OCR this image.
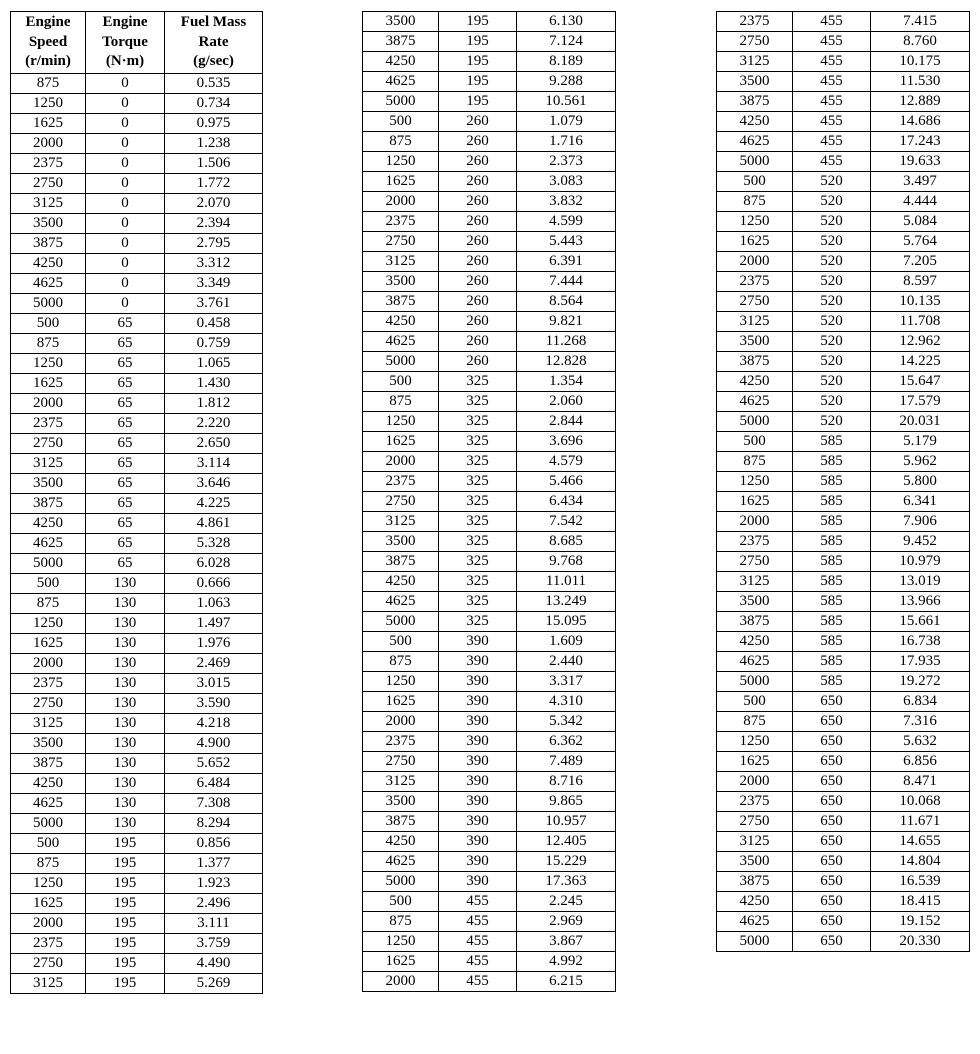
Engine
Speed
(r/min)	Engine
Torque
(N·m)	Fuel Mass
Rate
(g/sec)

875	0	0.535
1250	0	0.734
1625	0	0.975
2000	0	1.238
2375	0	1.506
2750	0	1.772
3125	0	2.070
3500	0	2.394
3875	0	2.795
4250	0	3.312
4625	0	3.349
5000	0	3.761
500	65	0.458
875	65	0.759
1250	65	1.065
1625	65	1.430
2000	65	1.812
2375	65	2.220
2750	65	2.650
3125	65	3.114
3500	65	3.646
3875	65	4.225
4250	65	4.861
4625	65	5.328
5000	65	6.028
500	130	0.666
875	130	1.063
1250	130	1.497
1625	130	1.976
2000	130	2.469
2375	130	3.015
2750	130	3.590
3125	130	4.218
3500	130	4.900
3875	130	5.652
4250	130	6.484
4625	130	7.308
5000	130	8.294
500	195	0.856
875	195	1.377
1250	195	1.923
1625	195	2.496
2000	195	3.111
2375	195	3.759
2750	195	4.490
3125	195	5.269
3500	195	6.130
3875	195	7.124
4250	195	8.189
4625	195	9.288
5000	195	10.561
500	260	1.079
875	260	1.716
1250	260	2.373
1625	260	3.083
2000	260	3.832
2375	260	4.599
2750	260	5.443
3125	260	6.391
3500	260	7.444
3875	260	8.564
4250	260	9.821
4625	260	11.268
5000	260	12.828
500	325	1.354
875	325	2.060
1250	325	2.844
1625	325	3.696
2000	325	4.579
2375	325	5.466
2750	325	6.434
3125	325	7.542
3500	325	8.685
3875	325	9.768
4250	325	11.011
4625	325	13.249
5000	325	15.095
500	390	1.609
875	390	2.440
1250	390	3.317
1625	390	4.310
2000	390	5.342
2375	390	6.362
2750	390	7.489
3125	390	8.716
3500	390	9.865
3875	390	10.957
4250	390	12.405
4625	390	15.229
5000	390	17.363
500	455	2.245
875	455	2.969
1250	455	3.867
1625	455	4.992
2000	455	6.215
2375	455	7.415
2750	455	8.760
3125	455	10.175
3500	455	11.530
3875	455	12.889
4250	455	14.686
4625	455	17.243
5000	455	19.633
500	520	3.497
875	520	4.444
1250	520	5.084
1625	520	5.764
2000	520	7.205
2375	520	8.597
2750	520	10.135
3125	520	11.708
3500	520	12.962
3875	520	14.225
4250	520	15.647
4625	520	17.579
5000	520	20.031
500	585	5.179
875	585	5.962
1250	585	5.800
1625	585	6.341
2000	585	7.906
2375	585	9.452
2750	585	10.979
3125	585	13.019
3500	585	13.966
3875	585	15.661
4250	585	16.738
4625	585	17.935
5000	585	19.272
500	650	6.834
875	650	7.316
1250	650	5.632
1625	650	6.856
2000	650	8.471
2375	650	10.068
2750	650	11.671
3125	650	14.655
3500	650	14.804
3875	650	16.539
4250	650	18.415
4625	650	19.152
5000	650	20.330
